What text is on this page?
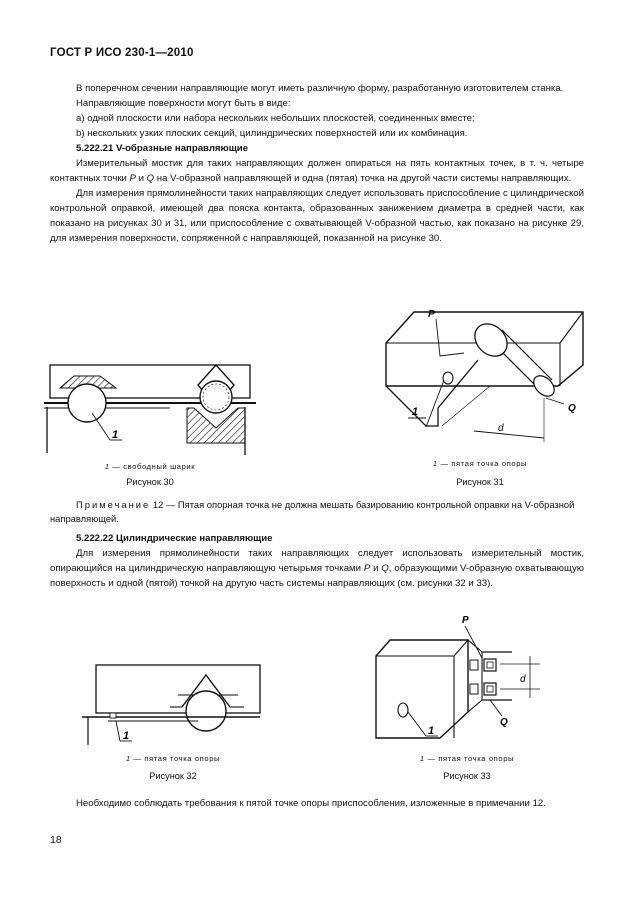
ГОСТ Р ИСО 230-1—2010

В поперечном сечении направляющие могут иметь различную форму, разработанную изготовителем станка.

Направляющие поверхности могут быть в виде:

a) одной плоскости или набора нескольких небольших плоскостей, соединенных вместе;

b) нескольких узких плоских секций, цилиндрических поверхностей или их комбинация.

5.222.21 V-образные направляющие

Измерительный мостик для таких направляющих должен опираться на пять контактных точек, в т. ч. четыре контактных точки P и Q на V-образной направляющей и одна (пятая) точка на другой части системы направляющих.

Для измерения прямолинейности таких направляющих следует использовать приспособление с цилиндрической контрольной оправкой, имеющей два пояска контакта, образованных занижением диаметра в средней части, как показано на рисунках 30 и 31, или приспособление с охватывающей V-образной частью, как показано на рисунке 29, для измерения поверхности, сопряженной с направляющей, показанной на рисунке 30.

1
1 — свободный шарик
Рисунок 30
P
Q
d
1
1 — пятая точка опоры
Рисунок 31
Примечание 12 — Пятая опорная точка не должна мешать базированию контрольной оправки на V-образной направляющей.

5.222.22 Цилиндрические направляющие

Для измерения прямолинейности таких направляющих следует использовать измерительный мостик, опирающийся на цилиндрическую направляющую четырьмя точками P и Q, образующими V-образную охватывающую поверхность и одной (пятой) точкой на другую часть системы направляющих (см. рисунки 32 и 33).

1
1 — пятая точка опоры
Рисунок 32
P
Q
d
1
1 — пятая точка опоры
Рисунок 33

Необходимо соблюдать требования к пятой точке опоры приспособления, изложенные в примечании 12.

18
